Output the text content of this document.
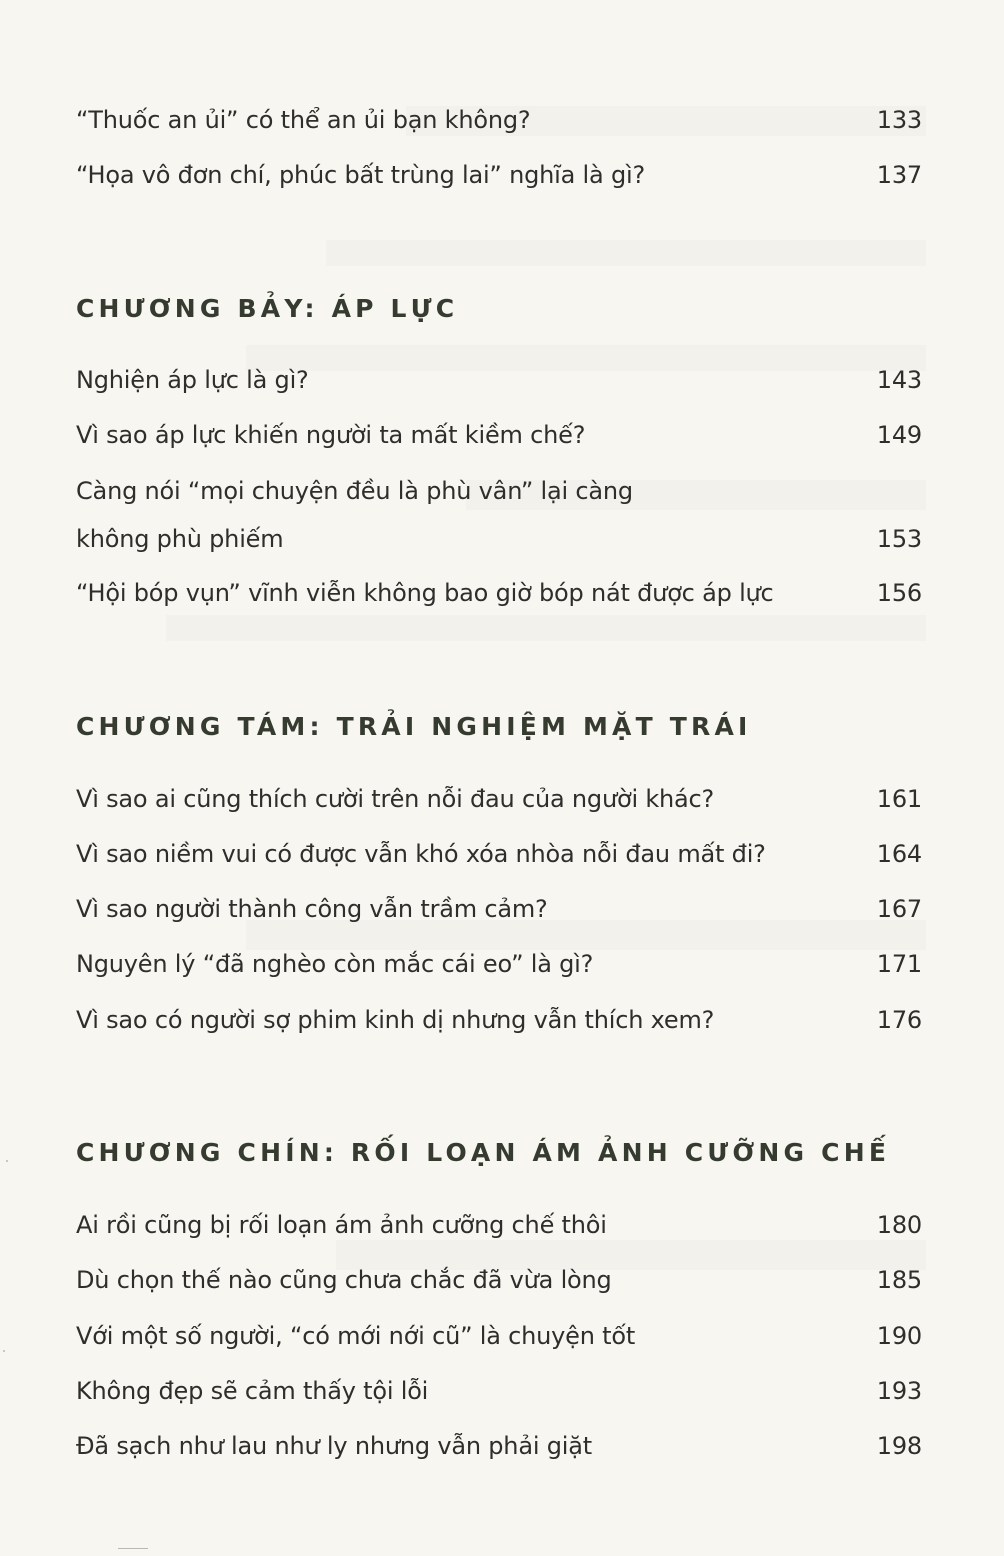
“Thuốc an ủi” có thể an ủi bạn không?	133
“Họa vô đơn chí, phúc bất trùng lai” nghĩa là gì?	137
CHƯƠNG BẢY: ÁP LỰC
Nghiện áp lực là gì?	143
Vì sao áp lực khiến người ta mất kiềm chế?	149
Càng nói “mọi chuyện đều là phù vân” lại càng
không phù phiếm	153
“Hội bóp vụn” vĩnh viễn không bao giờ bóp nát được áp lực	156
CHƯƠNG TÁM: TRẢI NGHIỆM MẶT TRÁI
Vì sao ai cũng thích cười trên nỗi đau của người khác?	161
Vì sao niềm vui có được vẫn khó xóa nhòa nỗi đau mất đi?	164
Vì sao người thành công vẫn trầm cảm?	167
Nguyên lý “đã nghèo còn mắc cái eo” là gì?	171
Vì sao có người sợ phim kinh dị nhưng vẫn thích xem?	176
CHƯƠNG CHÍN: RỐI LOẠN ÁM ẢNH CƯỠNG CHẾ
Ai rồi cũng bị rối loạn ám ảnh cưỡng chế thôi	180
Dù chọn thế nào cũng chưa chắc đã vừa lòng	185
Với một số người, “có mới nới cũ” là chuyện tốt	190
Không đẹp sẽ cảm thấy tội lỗi	193
Đã sạch như lau như ly nhưng vẫn phải giặt	198
